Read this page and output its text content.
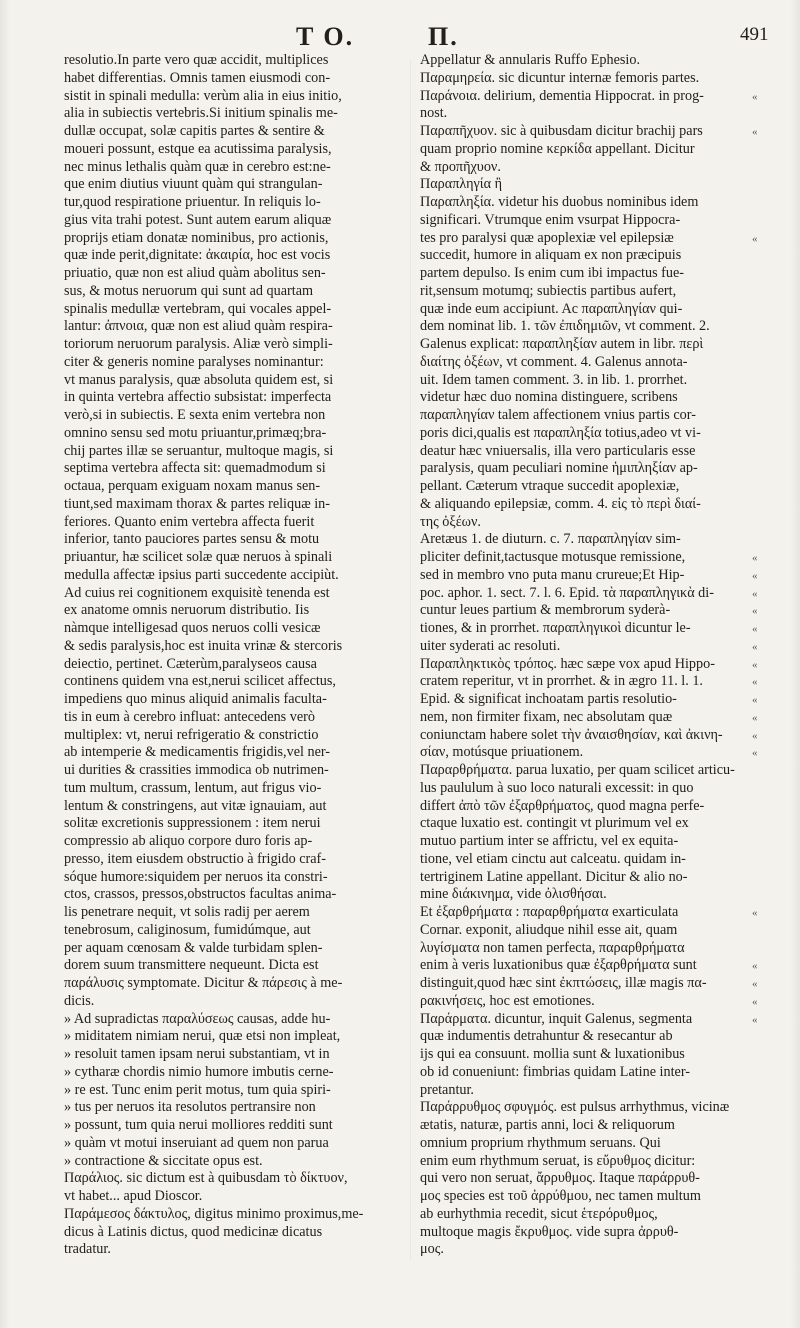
T O.	П.	491
resolutio.In parte vero quæ accidit, multiplices
habet differentias. Omnis tamen eiusmodi con-
sistit in spinali medulla: verùm alia in eius initio,
alia in subiectis vertebris.Si initium spinalis me-
dullæ occupat, solæ capitis partes & sentire &
moueri possunt, estque ea acutissima paralysis,
nec minus lethalis quàm quæ in cerebro est:ne-
que enim diutius viuunt quàm qui strangulan-
tur,quod respiratione priuentur. In reliquis lo-
gius vita trahi potest. Sunt autem earum aliquæ
proprijs etiam donatæ nominibus, pro actionis,
quæ inde perit,dignitate: ἀκαιρία, hoc est vocis
priuatio, quæ non est aliud quàm abolitus sen-
sus, & motus neruorum qui sunt ad quartam
spinalis medullæ vertebram, qui vocales appel-
lantur: ἀπνοια, quæ non est aliud quàm respira-
toriorum neruorum paralysis. Aliæ verò simpli-
citer & generis nomine paralyses nominantur:
vt manus paralysis, quæ absoluta quidem est, si
in quinta vertebra affectio subsistat: imperfecta
verò,si in subiectis. E sexta enim vertebra non
omnino sensu sed motu priuantur,primæq;bra-
chij partes illæ se seruantur, multoque magis, si
septima vertebra affecta sit: quemadmodum si
octaua, perquam exiguam noxam manus sen-
tiunt,sed maximam thorax & partes reliquæ in-
feriores. Quanto enim vertebra affecta fuerit
inferior, tanto pauciores partes sensu & motu
priuantur, hæ scilicet solæ quæ neruos à spinali
medulla affectæ ipsius parti succedente accipiùt.
Ad cuius rei cognitionem exquisitè tenenda est
ex anatome omnis neruorum distributio. Iis
nàmque intelligesad quos neruos colli vesicæ
& sedis paralysis,hoc est inuita vrinæ & stercoris
deiectio, pertinet. Cæterùm,paralyseos causa
continens quidem vna est,nerui scilicet affectus,
impediens quo minus aliquid animalis faculta-
tis in eum à cerebro influat: antecedens verò
multiplex: vt, nerui refrigeratio & constrictio
ab intemperie & medicamentis frigidis,vel ner-
ui durities & crassities immodica ob nutrimen-
tum multum, crassum, lentum, aut frigus vio-
lentum & constringens, aut vitæ ignauiam, aut
solitæ excretionis suppressionem : item nerui
compressio ab aliquo corpore duro foris ap-
presso, item eiusdem obstructio à frigido craf-
sóque humore:siquidem per neruos ita constri-
ctos, crassos, pressos,obstructos facultas anima-
lis penetrare nequit, vt solis radij per aerem
tenebrosum, caliginosum, fumidúmque, aut
per aquam cœnosam & valde turbidam splen-
dorem suum transmittere nequeunt. Dicta est
παράλυσις symptomate. Dicitur & πάρεσις à me-
dicis.
» Ad supradictas παραλύσεως causas, adde hu-
» miditatem nimiam nerui, quæ etsi non impleat,
» resoluit tamen ipsam nerui substantiam, vt in
» cytharæ chordis nimio humore imbutis cerne-
» re est. Tunc enim perit motus, tum quia spiri-
» tus per neruos ita resolutos pertransire non
» possunt, tum quia nerui molliores redditi sunt
» quàm vt motui inseruiant ad quem non parua
» contractione & siccitate opus est.
Παράλιος. sic dictum est à quibusdam τὸ δίκτυον,
vt habet... apud Dioscor.
Παράμεσος δάκτυλος, digitus minimo proximus,me-
dicus à Latinis dictus, quod medicinæ dicatus
tradatur.
Appellatur & annularis Ruffo Ephesio.
Παραμηρεία. sic dicuntur internæ femoris partes.
Παράνοια. delirium, dementia Hippocrat. in prog-
nost.
Παραπῆχυον. sic à quibusdam dicitur brachij pars
quam proprio nomine κερκίδα appellant. Dicitur
& προπῆχυον.
Παραπληγία ἢ
Παραπληξία. videtur his duobus nominibus idem
significari. Vtrumque enim vsurpat Hippocra-
tes pro paralysi quæ apoplexiæ vel epilepsiæ
succedit, humore in aliquam ex non præcipuis
partem depulso. Is enim cum ibi impactus fue-
rit,sensum motumq; subiectis partibus aufert,
quæ inde eum accipiunt. Ac παραπληγίαν qui-
dem nominat lib. 1. τῶν ἐπιδημιῶν, vt comment. 2.
Galenus explicat: παραπληξίαν autem in libr. περὶ
διαίτης ὀξέων, vt comment. 4. Galenus annota-
uit. Idem tamen comment. 3. in lib. 1. prorrhet.
videtur hæc duo nomina distinguere, scribens
παραπληγίαν talem affectionem vnius partis cor-
poris dici,qualis est παραπληξία totius,adeo vt vi-
deatur hæc vniuersalis, illa vero particularis esse
paralysis, quam peculiari nomine ἡμιπληξίαν ap-
pellant. Cæterum vtraque succedit apoplexiæ,
& aliquando epilepsiæ, comm. 4. εἰς τὸ περὶ διαί-
της ὀξέων.
Aretæus 1. de diuturn. c. 7. παραπληγίαν sim-
pliciter definit,tactusque motusque remissione,
sed in membro vno puta manu crureue;Et Hip-
poc. aphor. 1. sect. 7. l. 6. Epid. τὰ παραπληγικὰ di-
cuntur leues partium & membrorum syderà-
tiones, & in prorrhet. παραπληγικοὶ dicuntur le-
uiter syderati ac resoluti.
Παραπληκτικὸς τρόπος. hæc sæpe vox apud Hippo-
cratem reperitur, vt in prorrhet. & in ægro 11. l. 1.
Epid. & significat inchoatam partis resolutio-
nem, non firmiter fixam, nec absolutam quæ
coniunctam habere solet τὴν ἀναισθησίαν, καὶ ἀκινη-
σίαν, motúsque priuationem.
Παραρθρήματα. parua luxatio, per quam scilicet articu-
lus paululum à suo loco naturali excessit: in quo
differt ἀπὸ τῶν ἐξαρθρήματος, quod magna perfe-
ctaque luxatio est. contingit vt plurimum vel ex
mutuo partium inter se affrictu, vel ex equita-
tione, vel etiam cinctu aut calceatu. quidam in-
tertriginem Latine appellant. Dicitur & alio no-
mine διάκινημα, vide ὀλισθήσαι.
Et ἐξαρθρήματα : παραρθρήματα exarticulata
Cornar. exponit, aliudque nihil esse ait, quam
λυγίσματα non tamen perfecta, παραρθρήματα
enim à veris luxationibus quæ ἐξαρθρήματα sunt
distinguit,quod hæc sint ἐκπτώσεις, illæ magis πα-
ρακινήσεις, hoc est emotiones.
Παράρματα. dicuntur, inquit Galenus, segmenta
quæ indumentis detrahuntur & resecantur ab
ijs qui ea consuunt. mollia sunt & luxationibus
ob id conueniunt: fimbrias quidam Latine inter-
pretantur.
Παράρρυθμος σφυγμός. est pulsus arrhythmus, vicinæ
ætatis, naturæ, partis anni, loci & reliquorum
omnium proprium rhythmum seruans. Qui
enim eum rhythmum seruat, is εὔρυθμος dicitur:
qui vero non seruat, ἄρρυθμος. Itaque παράρρυθ-
μος species est τοῦ ἀρρύθμου, nec tamen multum
ab eurhythmia recedit, sicut ἑτερόρυθμος,
multoque magis ἔκρυθμος. vide supra ἀρρυθ-
μος.
«
«
«
«
«
«
«
«
«
«
«
«
«
«
«
«
«
«
«
«
